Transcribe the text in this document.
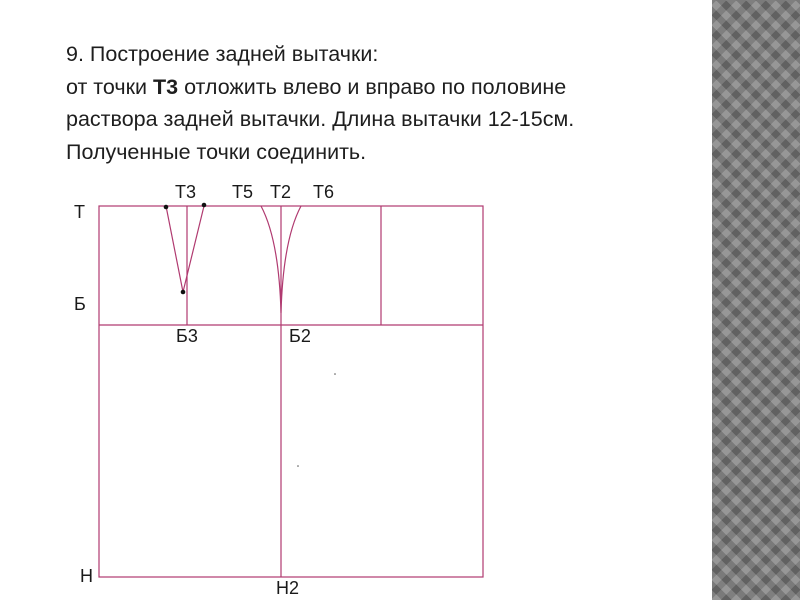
9. Построение задней вытачки:
от точки Т3 отложить влево и вправо по половине
раствора задней вытачки. Длина вытачки 12-15см.
Полученные точки соединить.
Т
Б
Н
Т3 Т5 Т2 Т6
Б3	Б2
Н2
